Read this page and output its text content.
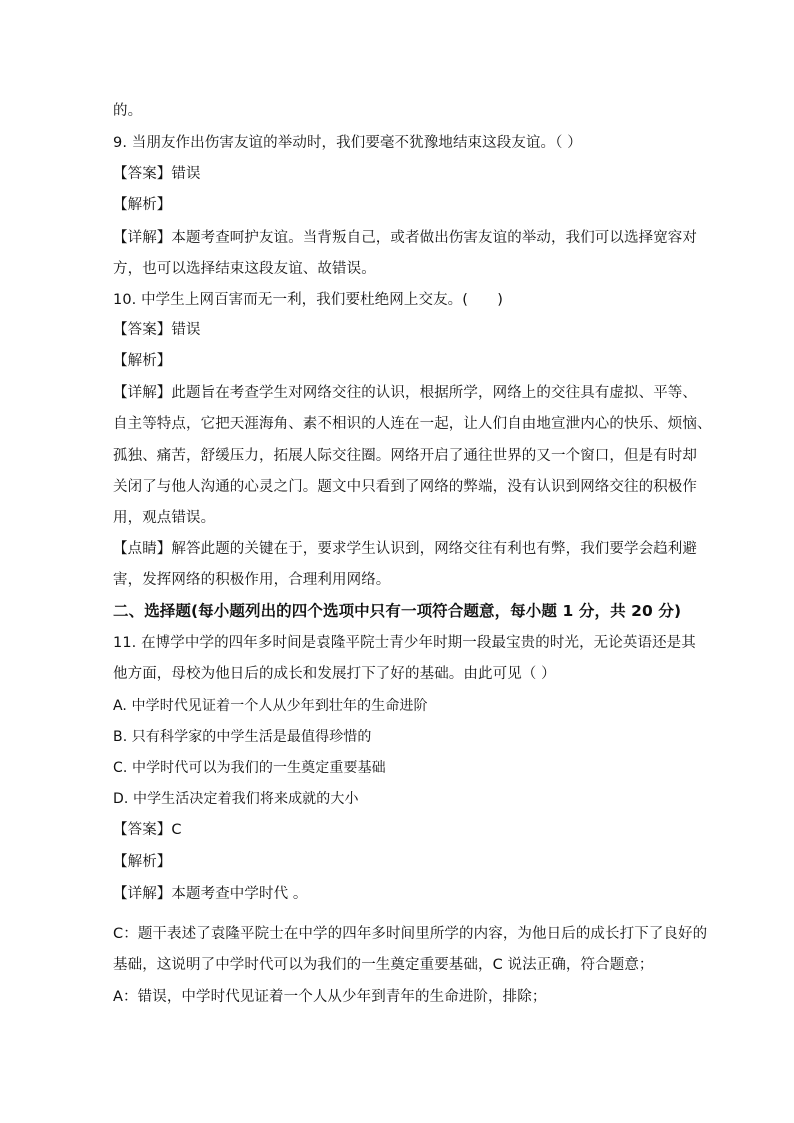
的。
9. 当朋友作出伤害友谊的举动时，我们要毫不犹豫地结束这段友谊。（ ）
【答案】错误
【解析】
【详解】本题考查呵护友谊。当背叛自己，或者做出伤害友谊的举动，我们可以选择宽容对
方，也可以选择结束这段友谊、故错误。
10. 中学生上网百害而无一利，我们要杜绝网上交友。(　　)
【答案】错误
【解析】
【详解】此题旨在考查学生对网络交往的认识，根据所学，网络上的交往具有虚拟、平等、
自主等特点，它把天涯海角、素不相识的人连在一起，让人们自由地宣泄内心的快乐、烦恼、
孤独、痛苦，舒缓压力，拓展人际交往圈。网络开启了通往世界的又一个窗口，但是有时却
关闭了与他人沟通的心灵之门。题文中只看到了网络的弊端，没有认识到网络交往的积极作
用，观点错误。
【点睛】解答此题的关键在于，要求学生认识到，网络交往有利也有弊，我们要学会趋利避
害，发挥网络的积极作用，合理利用网络。
二、选择题(每小题列出的四个选项中只有一项符合题意，每小题 1 分，共 20 分)
11. 在博学中学的四年多时间是袁隆平院士青少年时期一段最宝贵的时光，无论英语还是其
他方面，母校为他日后的成长和发展打下了好的基础。由此可见（ ）
A. 中学时代见证着一个人从少年到壮年的生命进阶
B. 只有科学家的中学生活是最值得珍惜的
C. 中学时代可以为我们的一生奠定重要基础
D. 中学生活决定着我们将来成就的大小
【答案】C
【解析】
【详解】本题考查中学时代 。
C：题干表述了袁隆平院士在中学的四年多时间里所学的内容，为他日后的成长打下了良好的
基础，这说明了中学时代可以为我们的一生奠定重要基础，C 说法正确，符合题意；
A：错误，中学时代见证着一个人从少年到青年的生命进阶，排除；
